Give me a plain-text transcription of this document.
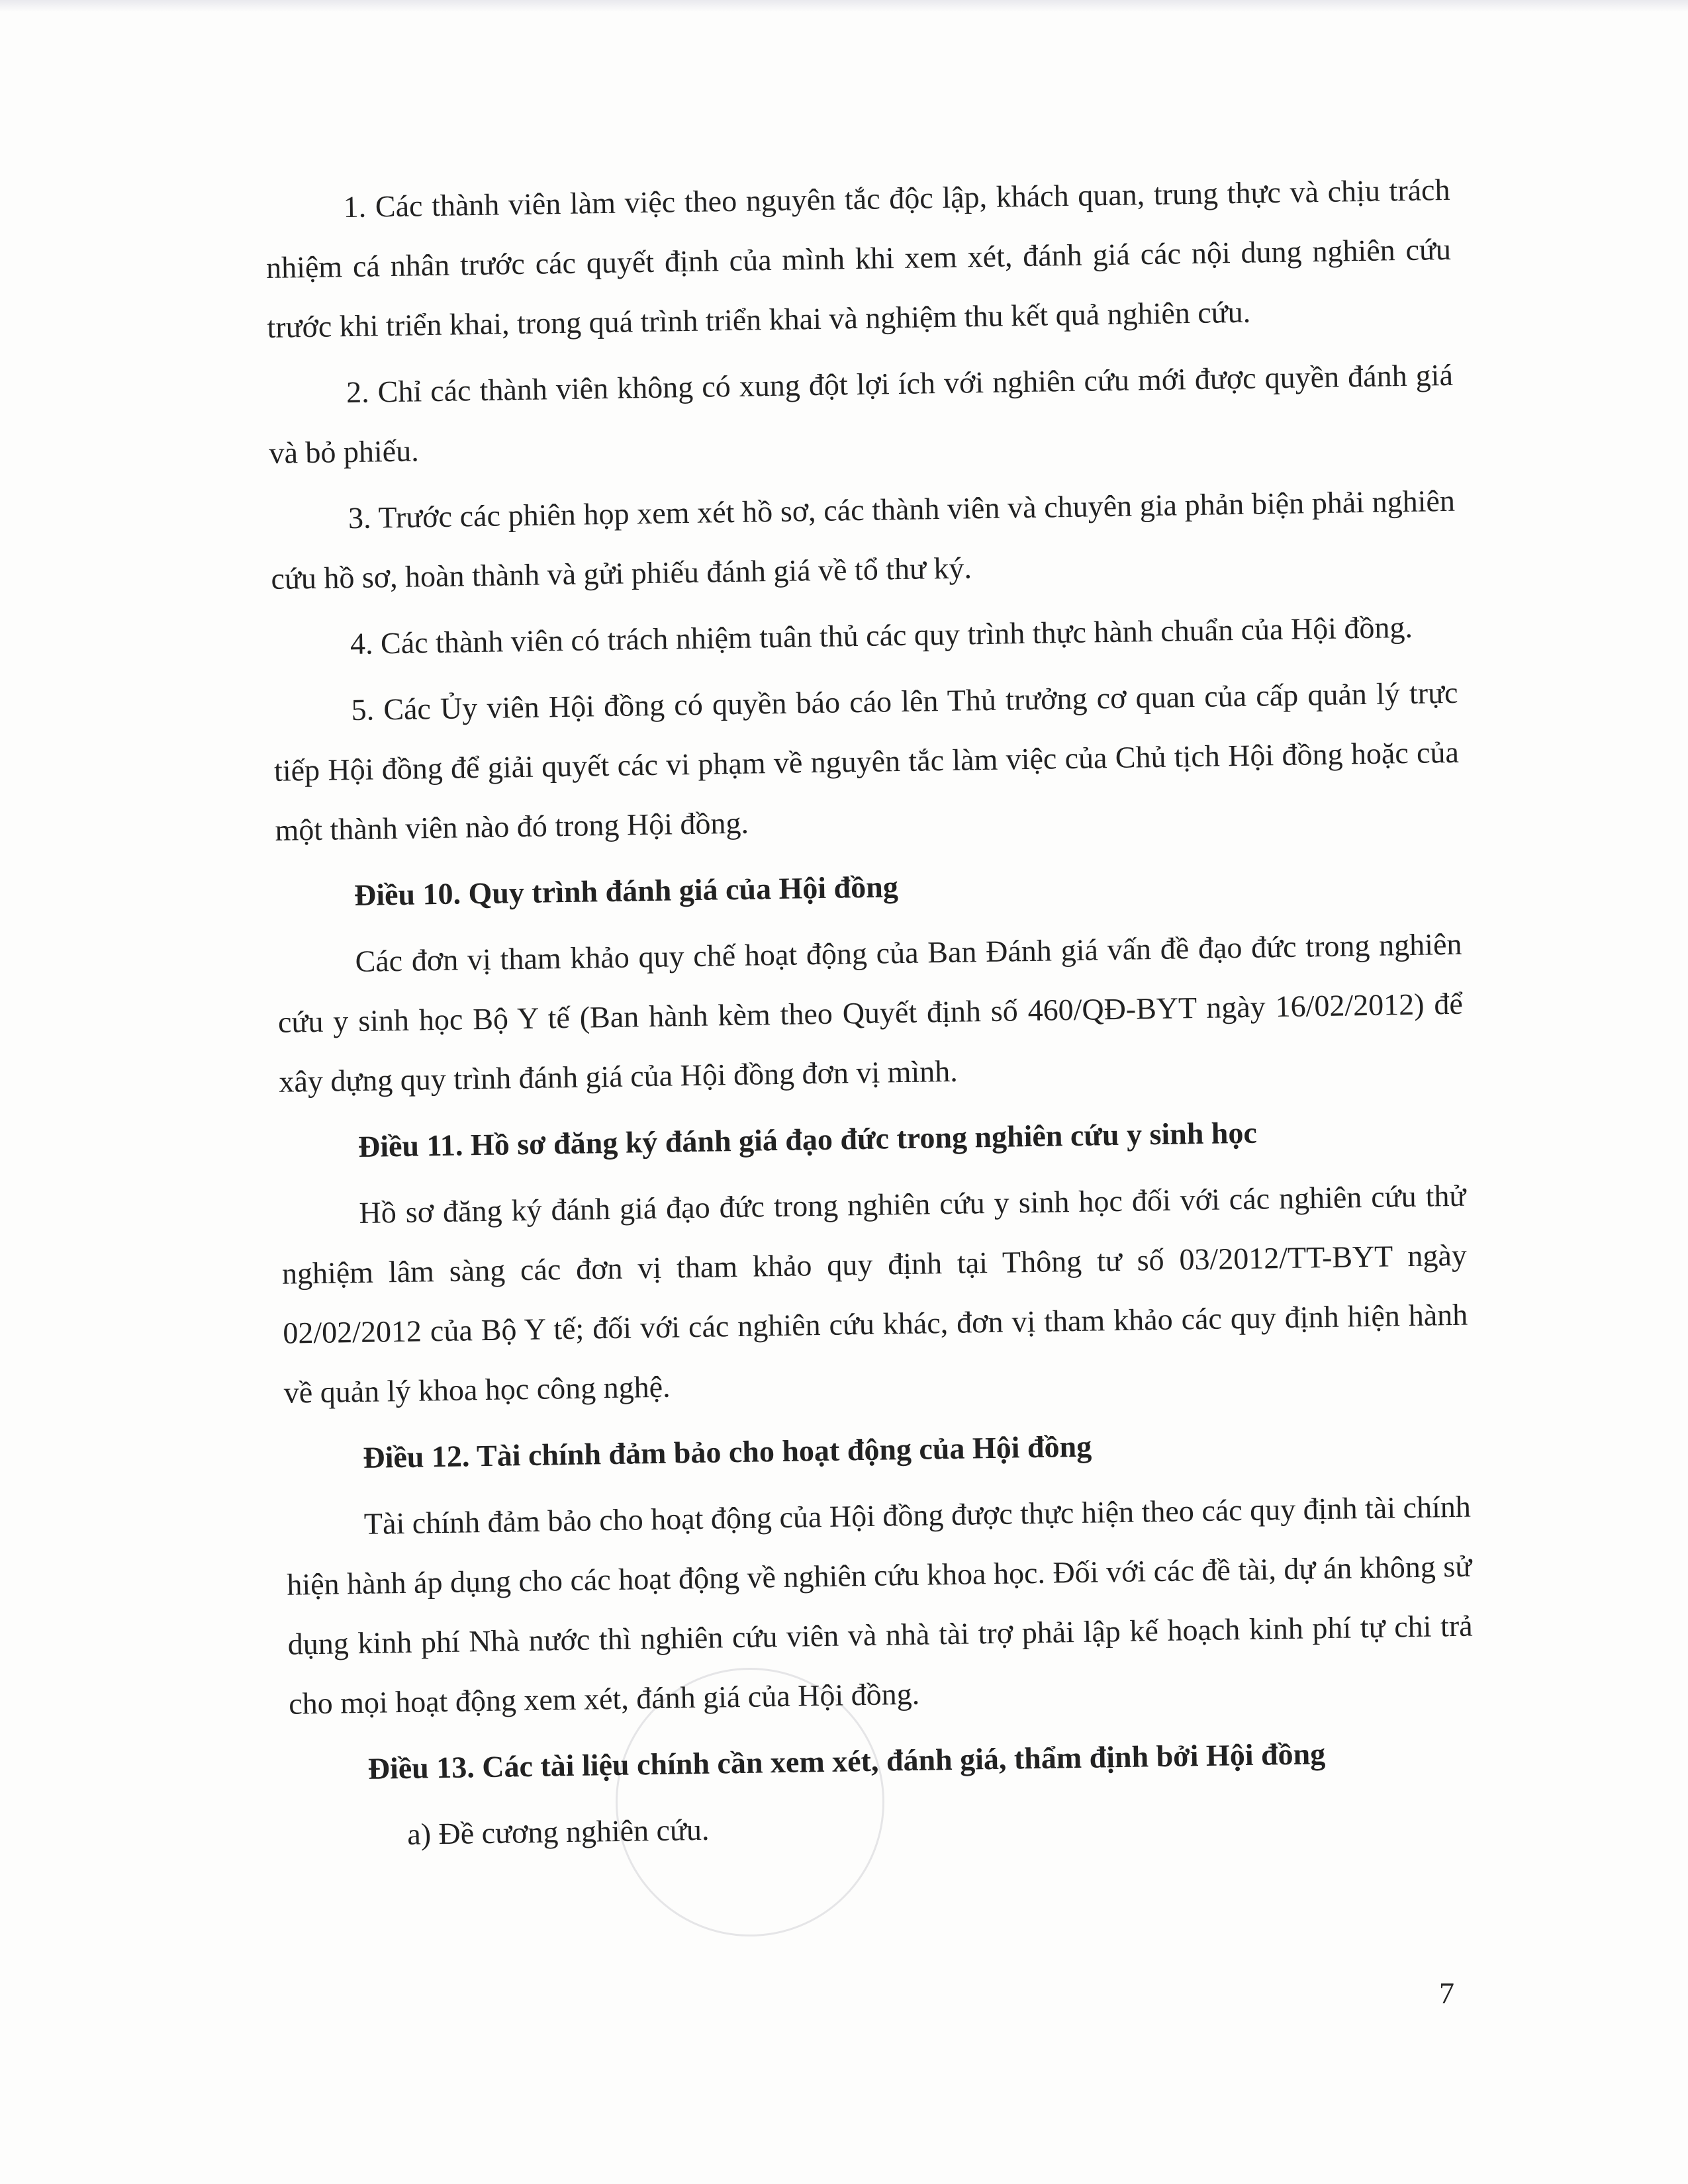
1. Các thành viên làm việc theo nguyên tắc độc lập, khách quan, trung thực và chịu trách nhiệm cá nhân trước các quyết định của mình khi xem xét, đánh giá các nội dung nghiên cứu trước khi triển khai, trong quá trình triển khai và nghiệm thu kết quả nghiên cứu.

2. Chỉ các thành viên không có xung đột lợi ích với nghiên cứu mới được quyền đánh giá và bỏ phiếu.

3. Trước các phiên họp xem xét hồ sơ, các thành viên và chuyên gia phản biện phải nghiên cứu hồ sơ, hoàn thành và gửi phiếu đánh giá về tổ thư ký.

4. Các thành viên có trách nhiệm tuân thủ các quy trình thực hành chuẩn của Hội đồng.

5. Các Ủy viên Hội đồng có quyền báo cáo lên Thủ trưởng cơ quan của cấp quản lý trực tiếp Hội đồng để giải quyết các vi phạm về nguyên tắc làm việc của Chủ tịch Hội đồng hoặc của một thành viên nào đó trong Hội đồng.

Điều 10. Quy trình đánh giá của Hội đồng

Các đơn vị tham khảo quy chế hoạt động của Ban Đánh giá vấn đề đạo đức trong nghiên cứu y sinh học Bộ Y tế (Ban hành kèm theo Quyết định số 460/QĐ-BYT ngày 16/02/2012) để xây dựng quy trình đánh giá của Hội đồng đơn vị mình.

Điều 11. Hồ sơ đăng ký đánh giá đạo đức trong nghiên cứu y sinh học

Hồ sơ đăng ký đánh giá đạo đức trong nghiên cứu y sinh học đối với các nghiên cứu thử nghiệm lâm sàng các đơn vị tham khảo quy định tại Thông tư số 03/2012/TT-BYT ngày 02/02/2012 của Bộ Y tế; đối với các nghiên cứu khác, đơn vị tham khảo các quy định hiện hành về quản lý khoa học công nghệ.

Điều 12. Tài chính đảm bảo cho hoạt động của Hội đồng

Tài chính đảm bảo cho hoạt động của Hội đồng được thực hiện theo các quy định tài chính hiện hành áp dụng cho các hoạt động về nghiên cứu khoa học. Đối với các đề tài, dự án không sử dụng kinh phí Nhà nước thì nghiên cứu viên và nhà tài trợ phải lập kế hoạch kinh phí tự chi trả cho mọi hoạt động xem xét, đánh giá của Hội đồng.

Điều 13. Các tài liệu chính cần xem xét, đánh giá, thẩm định bởi Hội đồng

a) Đề cương nghiên cứu.

7
